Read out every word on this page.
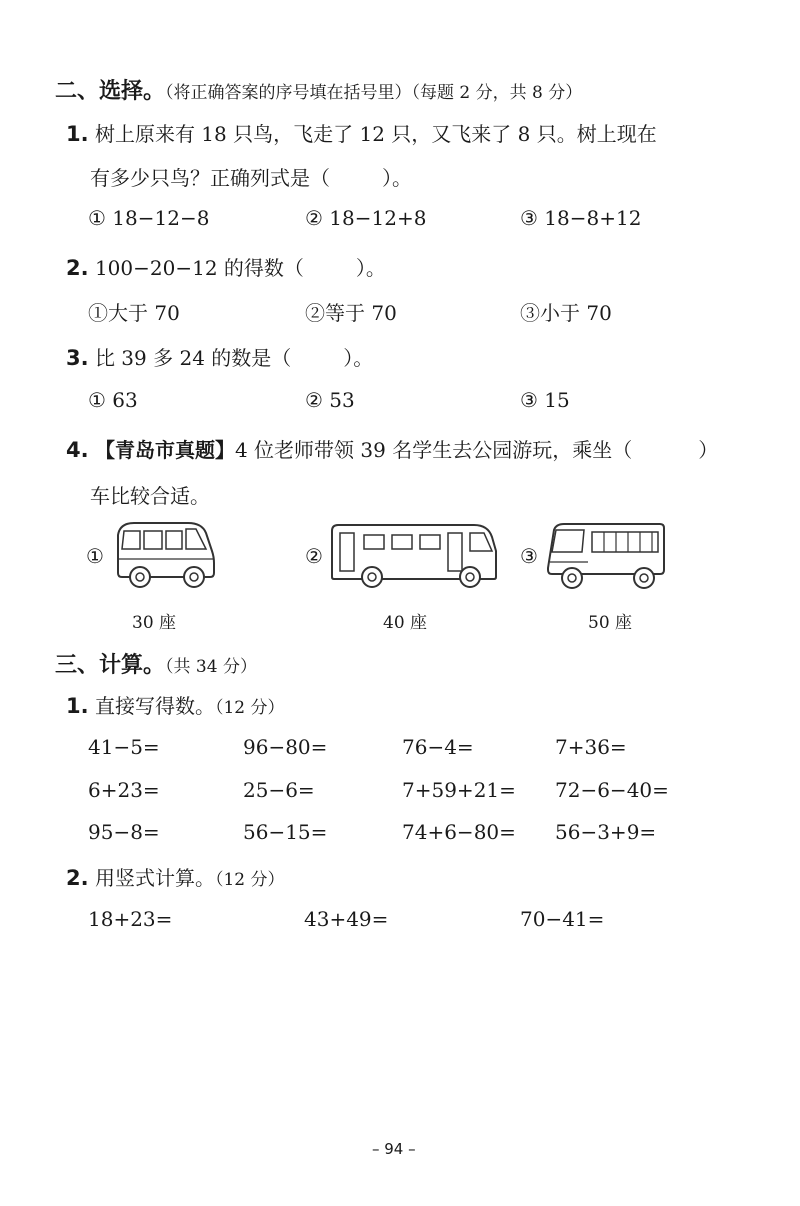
二、选择。（将正确答案的序号填在括号里）（每题 2 分，共 8 分）
1. 树上原来有 18 只鸟，飞走了 12 只，又飞来了 8 只。树上现在
有多少只鸟？正确列式是（	）。
① 18−12−8	② 18−12+8	③ 18−8+12
2. 100−20−12 的得数（	）。
①大于 70	②等于 70	③小于 70
3. 比 39 多 24 的数是（	）。
① 63	② 53	③ 15
4. 【青岛市真题】4 位老师带领 39 名学生去公园游玩，乘坐（	）
车比较合适。
①
30 座
②
40 座
③
50 座
三、计算。（共 34 分）
1. 直接写得数。（12 分）
41−5=	96−80=	76−4=	7+36=
6+23=	25−6=	7+59+21= 72−6−40=
95−8=	56−15=	74+6−80= 56−3+9=
2. 用竖式计算。（12 分）
18+23=	43+49=	70−41=
– 94 –
